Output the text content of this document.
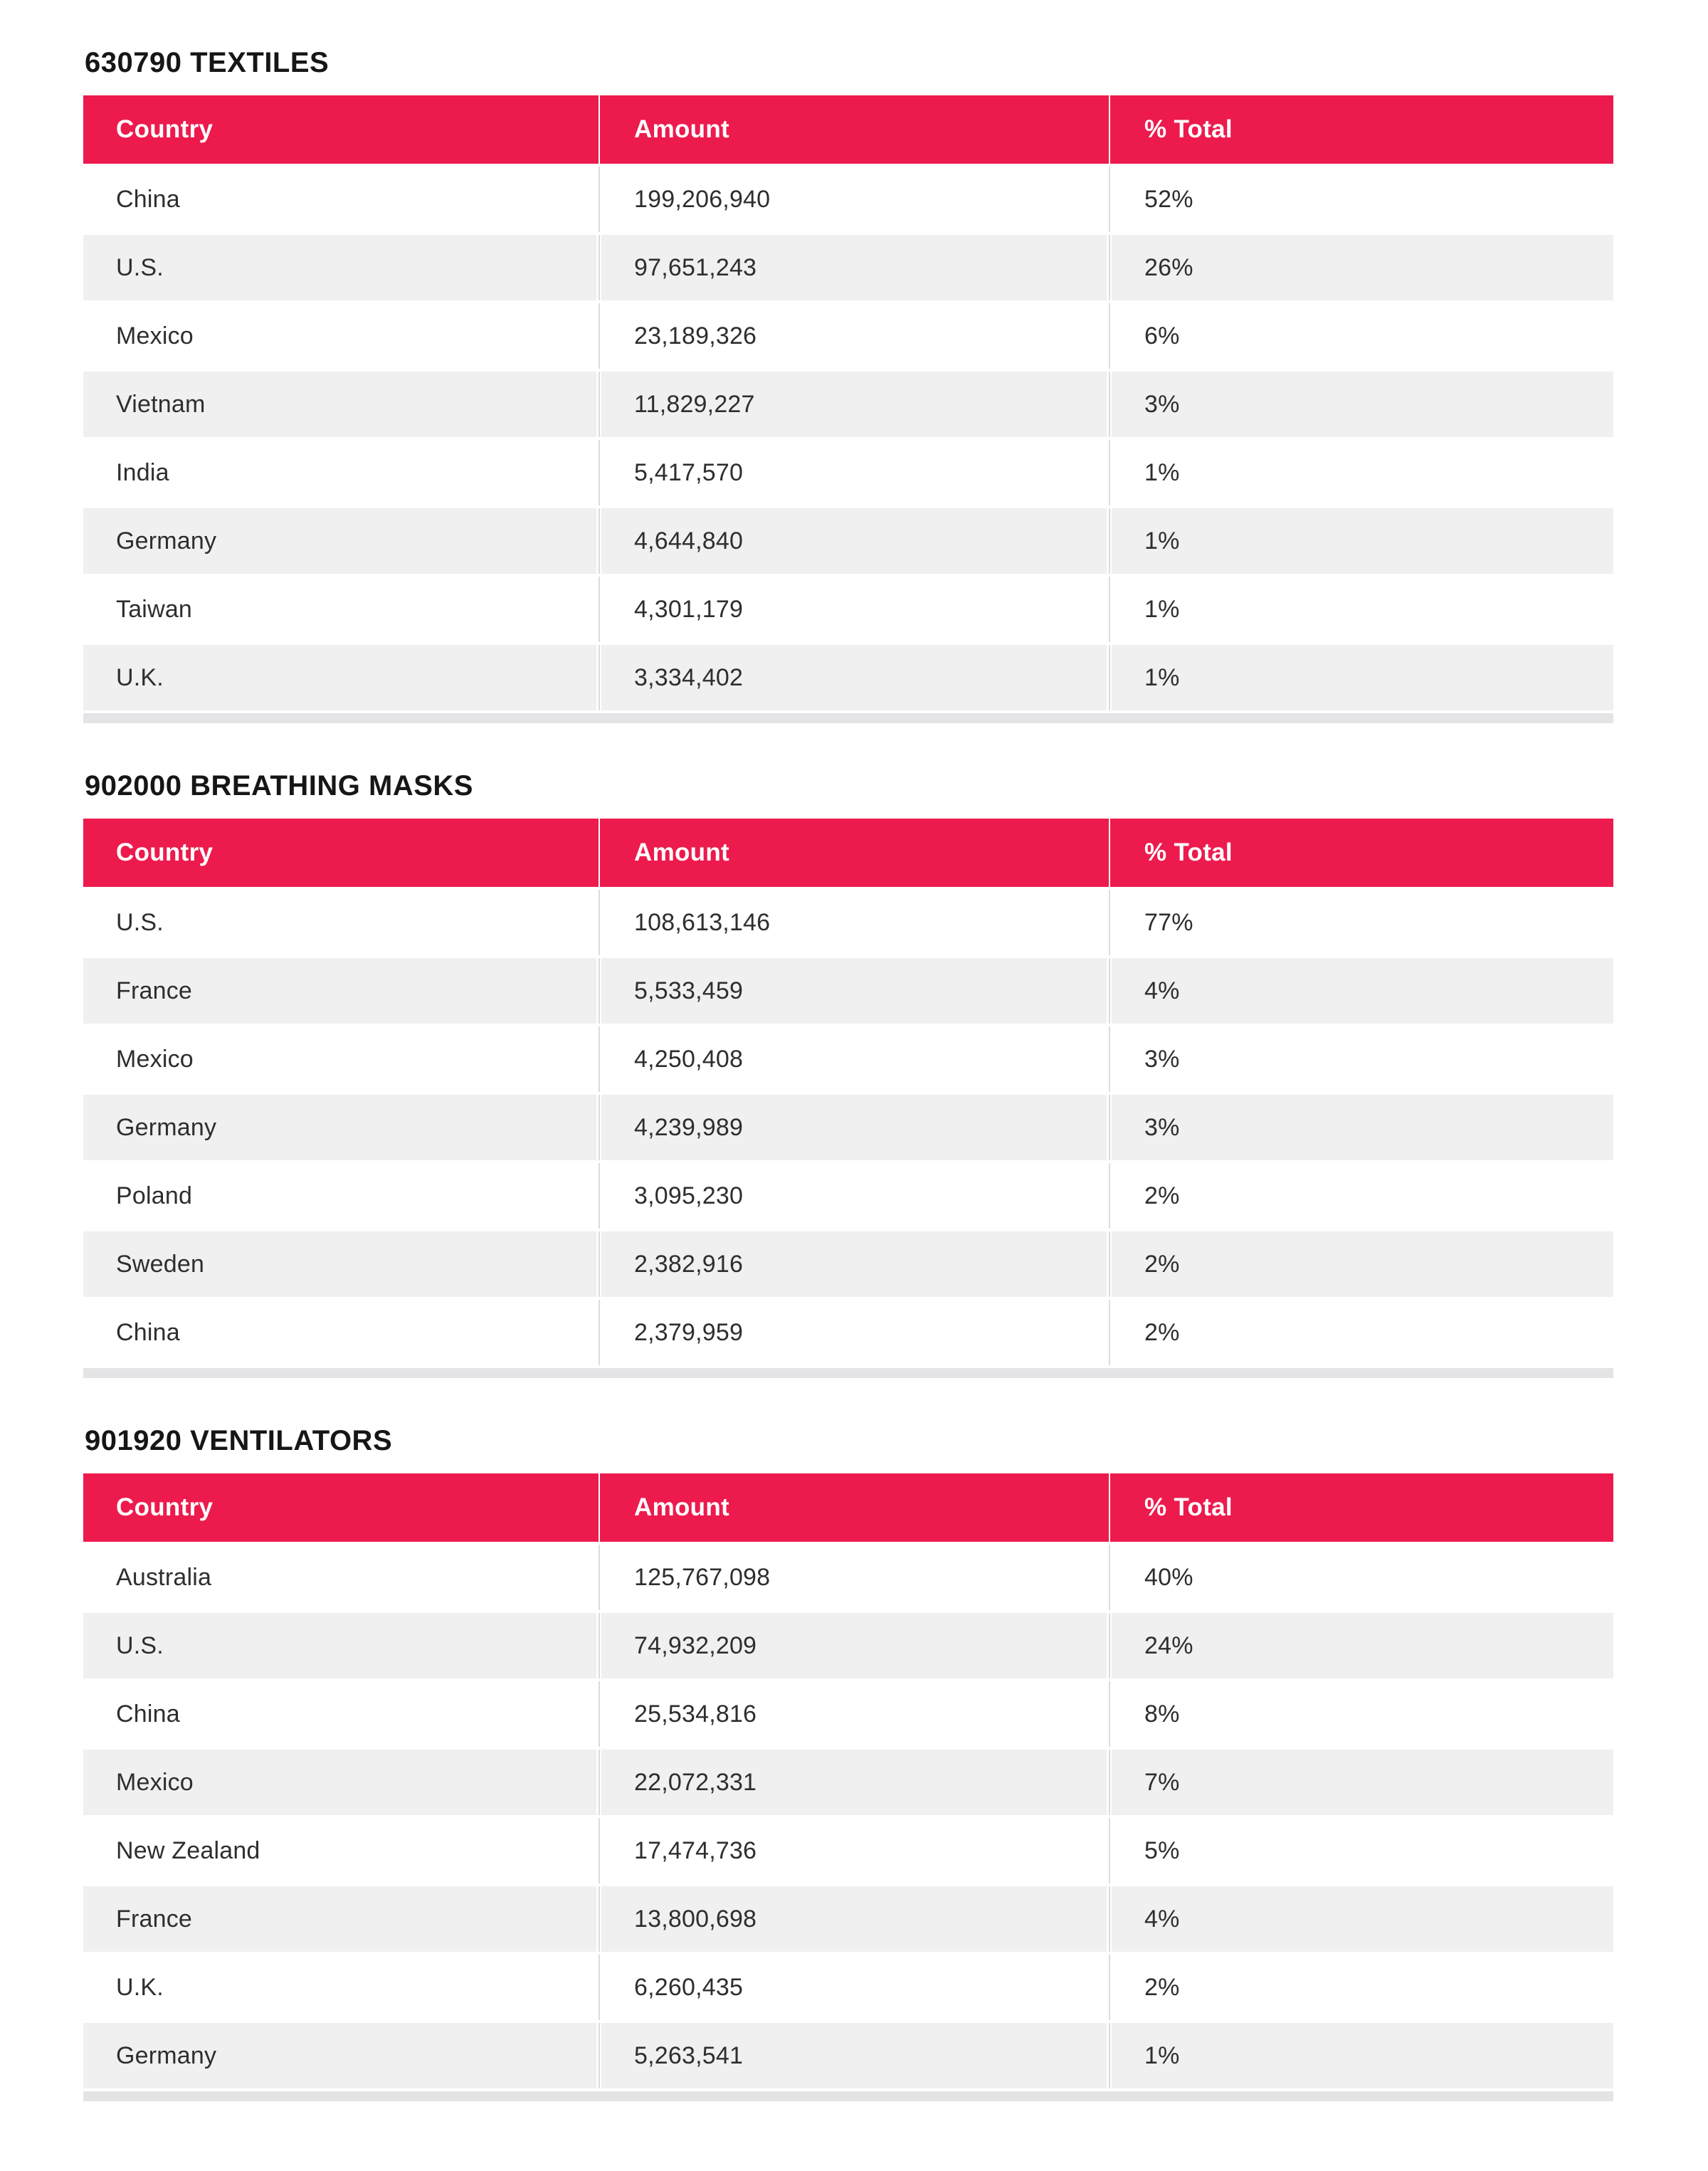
630790 TEXTILES
Country	Amount	% Total
China	199,206,940	52%
U.S.	97,651,243	26%
Mexico	23,189,326	6%
Vietnam	11,829,227	3%
India	5,417,570	1%
Germany	4,644,840	1%
Taiwan	4,301,179	1%
U.K.	3,334,402	1%
902000 BREATHING MASKS
Country	Amount	% Total
U.S.	108,613,146	77%
France	5,533,459	4%
Mexico	4,250,408	3%
Germany	4,239,989	3%
Poland	3,095,230	2%
Sweden	2,382,916	2%
China	2,379,959	2%
901920 VENTILATORS
Country	Amount	% Total
Australia	125,767,098	40%
U.S.	74,932,209	24%
China	25,534,816	8%
Mexico	22,072,331	7%
New Zealand	17,474,736	5%
France	13,800,698	4%
U.K.	6,260,435	2%
Germany	5,263,541	1%
